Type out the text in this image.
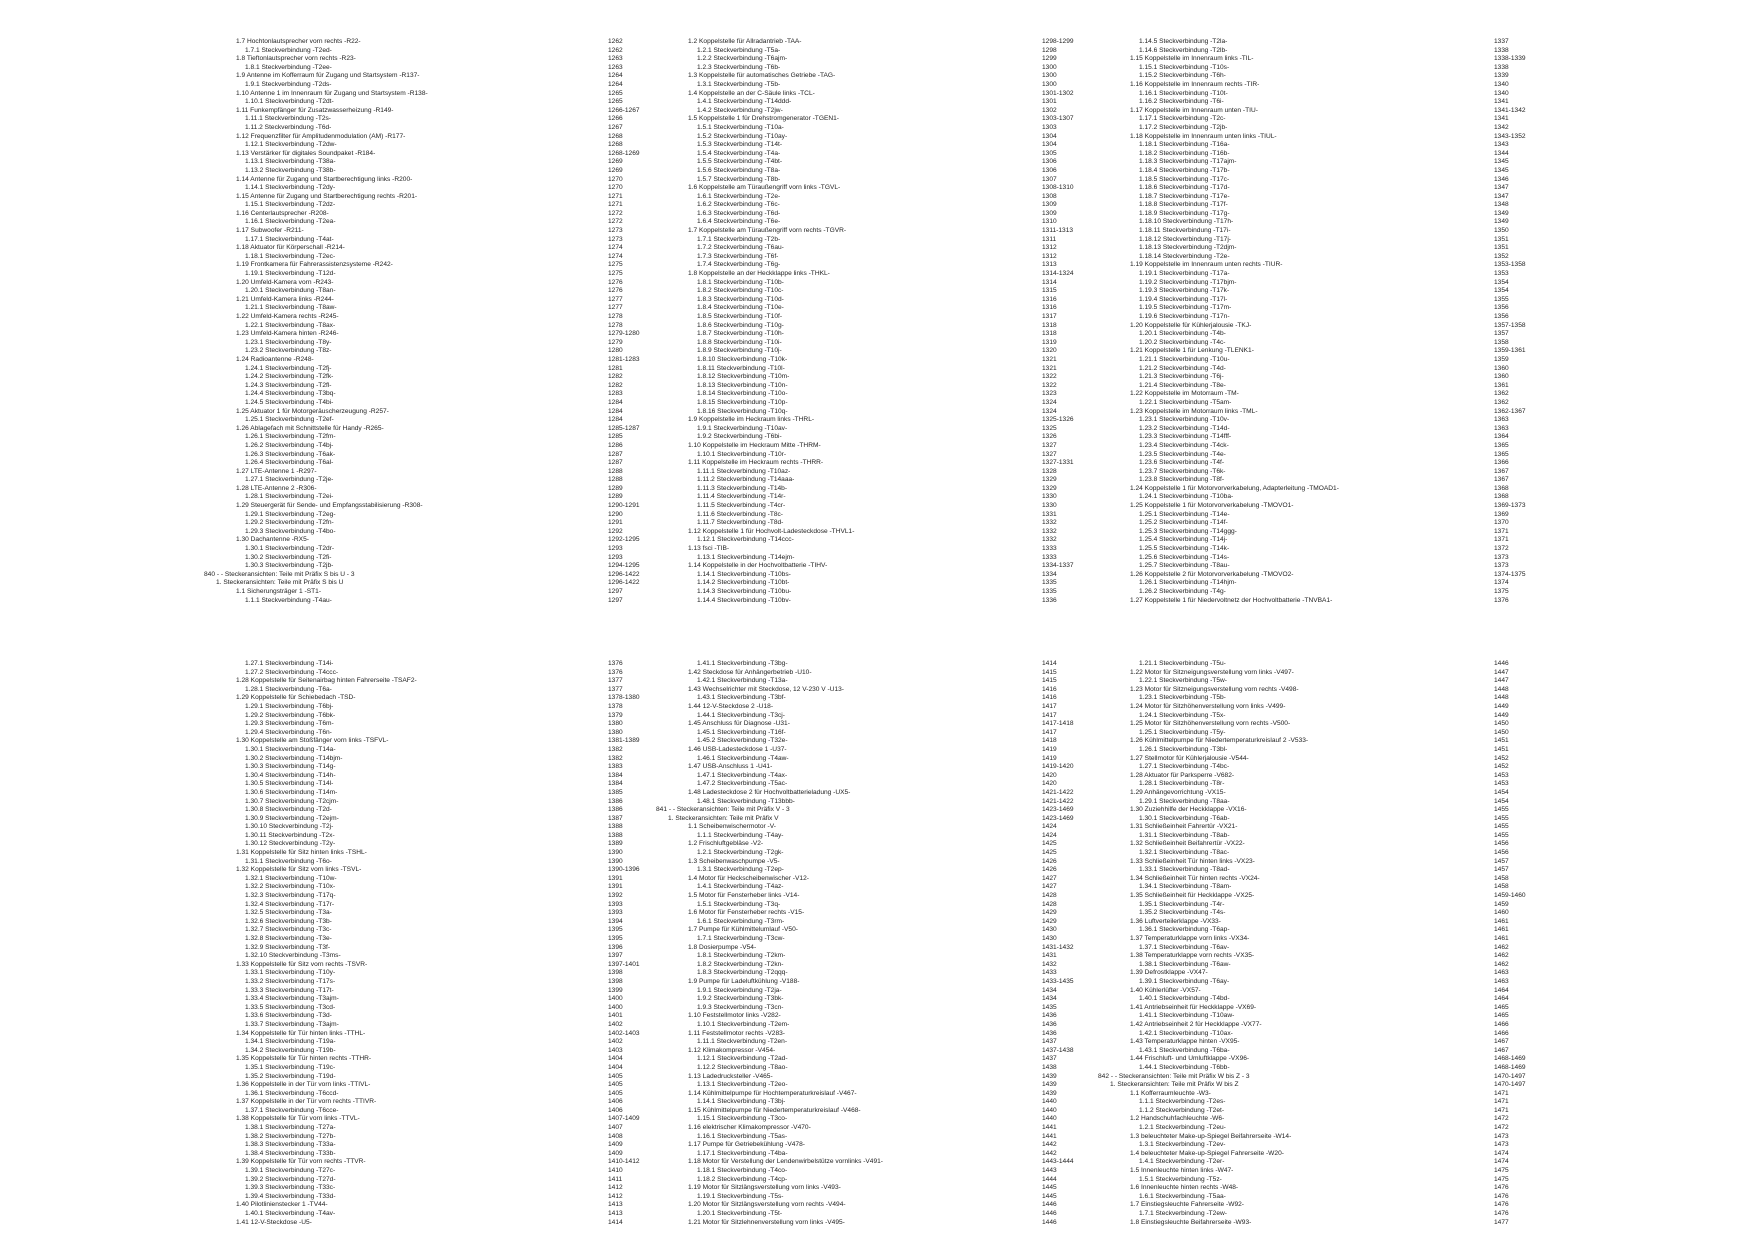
1.7 Hochtonlautsprecher vorn rechts -R22-	1262
1.7.1 Steckverbindung -T2ed-	1262
1.8 Tieftonlautsprecher vorn rechts -R23-	1263
1.8.1 Steckverbindung -T2ee-	1263
1.9 Antenne im Kofferraum für Zugang und Startsystem -R137-	1264
1.9.1 Steckverbindung -T2ds-	1264
1.10 Antenne 1 im Innenraum für Zugang und Startsystem -R138-	1265
1.10.1 Steckverbindung -T2dt-	1265
1.11 Funkempfänger für Zusatzwasserheizung -R149-	1266-1267
1.11.1 Steckverbindung -T2s-	1266
1.11.2 Steckverbindung -T6d-	1267
1.12 Frequenzfilter für Amplitudenmodulation (AM) -R177-	1268
1.12.1 Steckverbindung -T2dw-	1268
1.13 Verstärker für digitales Soundpaket -R184-	1268-1269
1.13.1 Steckverbindung -T38a-	1269
1.13.2 Steckverbindung -T38b-	1269
1.14 Antenne für Zugang und Startberechtigung links -R200-	1270
1.14.1 Steckverbindung -T2dy-	1270
1.15 Antenne für Zugang und Startberechtigung rechts -R201-	1271
1.15.1 Steckverbindung -T2dz-	1271
1.16 Centerlautsprecher -R208-	1272
1.16.1 Steckverbindung -T2ea-	1272
1.17 Subwoofer -R211-	1273
1.17.1 Steckverbindung -T4at-	1273
1.18 Aktuator für Körperschall -R214-	1274
1.18.1 Steckverbindung -T2ec-	1274
1.19 Frontkamera für Fahrerassistenzsysteme -R242-	1275
1.19.1 Steckverbindung -T12d-	1275
1.20 Umfeld-Kamera vorn -R243-	1276
1.20.1 Steckverbindung -T8an-	1276
1.21 Umfeld-Kamera links -R244-	1277
1.21.1 Steckverbindung -T8aw-	1277
1.22 Umfeld-Kamera rechts -R245-	1278
1.22.1 Steckverbindung -T8ax-	1278
1.23 Umfeld-Kamera hinten -R246-	1279-1280
1.23.1 Steckverbindung -T8y-	1279
1.23.2 Steckverbindung -T8z-	1280
1.24 Radioantenne -R248-	1281-1283
1.24.1 Steckverbindung -T2fj-	1281
1.24.2 Steckverbindung -T2fk-	1282
1.24.3 Steckverbindung -T2fl-	1282
1.24.4 Steckverbindung -T3bq-	1283
1.24.5 Steckverbindung -T4bi-	1284
1.25 Aktuator 1 für Motorgeräuscherzeugung -R257-	1284
1.25.1 Steckverbindung -T2ef-	1284
1.26 Ablagefach mit Schnittstelle für Handy -R265-	1285-1287
1.26.1 Steckverbindung -T2fm-	1285
1.26.2 Steckverbindung -T4bj-	1286
1.26.3 Steckverbindung -T6ak-	1287
1.26.4 Steckverbindung -T6al-	1287
1.27 LTE-Antenne 1 -R297-	1288
1.27.1 Steckverbindung -T2je-	1288
1.28 LTE-Antenne 2 -R306-	1289
1.28.1 Steckverbindung -T2ei-	1289
1.29 Steuergerät für Sende- und Empfangsstabilisierung -R308-	1290-1291
1.29.1 Steckverbindung -T2eg-	1290
1.29.2 Steckverbindung -T2fn-	1291
1.29.3 Steckverbindung -T4bo-	1292
1.30 Dachantenne -RX5-	1292-1295
1.30.1 Steckverbindung -T2dr-	1293
1.30.2 Steckverbindung -T2fi-	1293
1.30.3 Steckverbindung -T2jb-	1294-1295
840 - - Steckeransichten: Teile mit Präfix S bis U - 3	1296-1422
1. Steckeransichten: Teile mit Präfix S bis U	1296-1422
1.1 Sicherungsträger 1 -ST1-	1297
1.1.1 Steckverbindung -T4au-	1297
1.2 Koppelstelle für Allradantrieb -TAA-	1298-1299
1.2.1 Steckverbindung -T5a-	1298
1.2.2 Steckverbindung -T6ajm-	1299
1.2.3 Steckverbindung -T6b-	1300
1.3 Koppelstelle für automatisches Getriebe -TAG-	1300
1.3.1 Steckverbindung -T5b-	1300
1.4 Koppelstelle an der C-Säule links -TCL-	1301-1302
1.4.1 Steckverbindung -T14ddd-	1301
1.4.2 Steckverbindung -T2jw-	1302
1.5 Koppelstelle 1 für Drehstromgenerator -TGEN1-	1303-1307
1.5.1 Steckverbindung -T10a-	1303
1.5.2 Steckverbindung -T10ay-	1304
1.5.3 Steckverbindung -T14t-	1304
1.5.4 Steckverbindung -T4a-	1305
1.5.5 Steckverbindung -T4bt-	1306
1.5.6 Steckverbindung -T8a-	1306
1.5.7 Steckverbindung -T8b-	1307
1.6 Koppelstelle am Türaußengriff vorn links -TGVL-	1308-1310
1.6.1 Steckverbindung -T2e-	1308
1.6.2 Steckverbindung -T6c-	1309
1.6.3 Steckverbindung -T6d-	1309
1.6.4 Steckverbindung -T6e-	1310
1.7 Koppelstelle am Türaußengriff vorn rechts -TGVR-	1311-1313
1.7.1 Steckverbindung -T2b-	1311
1.7.2 Steckverbindung -T6au-	1312
1.7.3 Steckverbindung -T6f-	1312
1.7.4 Steckverbindung -T6g-	1313
1.8 Koppelstelle an der Heckklappe links -THKL-	1314-1324
1.8.1 Steckverbindung -T10b-	1314
1.8.2 Steckverbindung -T10c-	1315
1.8.3 Steckverbindung -T10d-	1316
1.8.4 Steckverbindung -T10e-	1316
1.8.5 Steckverbindung -T10f-	1317
1.8.6 Steckverbindung -T10g-	1318
1.8.7 Steckverbindung -T10h-	1318
1.8.8 Steckverbindung -T10i-	1319
1.8.9 Steckverbindung -T10j-	1320
1.8.10 Steckverbindung -T10k-	1321
1.8.11 Steckverbindung -T10l-	1321
1.8.12 Steckverbindung -T10m-	1322
1.8.13 Steckverbindung -T10n-	1322
1.8.14 Steckverbindung -T10o-	1323
1.8.15 Steckverbindung -T10p-	1324
1.8.16 Steckverbindung -T10q-	1324
1.9 Koppelstelle im Heckraum links -THRL-	1325-1326
1.9.1 Steckverbindung -T10av-	1325
1.9.2 Steckverbindung -T6bi-	1326
1.10 Koppelstelle im Heckraum Mitte -THRM-	1327
1.10.1 Steckverbindung -T10r-	1327
1.11 Koppelstelle im Heckraum rechts -THRR-	1327-1331
1.11.1 Steckverbindung -T10az-	1328
1.11.2 Steckverbindung -T14aaa-	1329
1.11.3 Steckverbindung -T14b-	1329
1.11.4 Steckverbindung -T14r-	1330
1.11.5 Steckverbindung -T4cr-	1330
1.11.6 Steckverbindung -T8c-	1331
1.11.7 Steckverbindung -T8d-	1332
1.12 Koppelstelle 1 für Hochvolt-Ladesteckdose -THVL1-	1332
1.12.1 Steckverbindung -T14ccc-	1332
1.13 fsci -TIB-	1333
1.13.1 Steckverbindung -T14ejm-	1333
1.14 Koppelstelle in der Hochvoltbatterie -TIHV-	1334-1337
1.14.1 Steckverbindung -T10bs-	1334
1.14.2 Steckverbindung -T10bt-	1335
1.14.3 Steckverbindung -T10bu-	1335
1.14.4 Steckverbindung -T10bv-	1336
1.14.5 Steckverbindung -T2la-	1337
1.14.6 Steckverbindung -T2lb-	1338
1.15 Koppelstelle im Innenraum links -TIL-	1338-1339
1.15.1 Steckverbindung -T10s-	1338
1.15.2 Steckverbindung -T6h-	1339
1.16 Koppelstelle im Innenraum rechts -TIR-	1340
1.16.1 Steckverbindung -T10t-	1340
1.16.2 Steckverbindung -T6i-	1341
1.17 Koppelstelle im Innenraum unten -TIU-	1341-1342
1.17.1 Steckverbindung -T2c-	1341
1.17.2 Steckverbindung -T2jb-	1342
1.18 Koppelstelle im Innenraum unten links -TIUL-	1343-1352
1.18.1 Steckverbindung -T16a-	1343
1.18.2 Steckverbindung -T16b-	1344
1.18.3 Steckverbindung -T17ajm-	1345
1.18.4 Steckverbindung -T17b-	1345
1.18.5 Steckverbindung -T17c-	1346
1.18.6 Steckverbindung -T17d-	1347
1.18.7 Steckverbindung -T17e-	1347
1.18.8 Steckverbindung -T17f-	1348
1.18.9 Steckverbindung -T17g-	1349
1.18.10 Steckverbindung -T17h-	1349
1.18.11 Steckverbindung -T17i-	1350
1.18.12 Steckverbindung -T17j-	1351
1.18.13 Steckverbindung -T2djm-	1351
1.18.14 Steckverbindung -T2e-	1352
1.19 Koppelstelle im Innenraum unten rechts -TIUR-	1353-1358
1.19.1 Steckverbindung -T17a-	1353
1.19.2 Steckverbindung -T17bjm-	1354
1.19.3 Steckverbindung -T17k-	1354
1.19.4 Steckverbindung -T17l-	1355
1.19.5 Steckverbindung -T17m-	1356
1.19.6 Steckverbindung -T17n-	1356
1.20 Koppelstelle für Kühlerjalousie -TKJ-	1357-1358
1.20.1 Steckverbindung -T4b-	1357
1.20.2 Steckverbindung -T4c-	1358
1.21 Koppelstelle 1 für Lenkung -TLENK1-	1359-1361
1.21.1 Steckverbindung -T10u-	1359
1.21.2 Steckverbindung -T4d-	1360
1.21.3 Steckverbindung -T6j-	1360
1.21.4 Steckverbindung -T8e-	1361
1.22 Koppelstelle im Motorraum -TM-	1362
1.22.1 Steckverbindung -T5am-	1362
1.23 Koppelstelle im Motorraum links -TML-	1362-1367
1.23.1 Steckverbindung -T10v-	1363
1.23.2 Steckverbindung -T14d-	1363
1.23.3 Steckverbindung -T14fff-	1364
1.23.4 Steckverbindung -T4ck-	1365
1.23.5 Steckverbindung -T4e-	1365
1.23.6 Steckverbindung -T4f-	1366
1.23.7 Steckverbindung -T6k-	1367
1.23.8 Steckverbindung -T8f-	1367
1.24 Koppelstelle 1 für Motorvorverkabelung, Adapterleitung -TMOAD1-	1368
1.24.1 Steckverbindung -T10ba-	1368
1.25 Koppelstelle 1 für Motorvorverkabelung -TMOVO1-	1369-1373
1.25.1 Steckverbindung -T14e-	1369
1.25.2 Steckverbindung -T14f-	1370
1.25.3 Steckverbindung -T14ggg-	1371
1.25.4 Steckverbindung -T14j-	1371
1.25.5 Steckverbindung -T14k-	1372
1.25.6 Steckverbindung -T14s-	1373
1.25.7 Steckverbindung -T8au-	1373
1.26 Koppelstelle 2 für Motorvorverkabelung -TMOVO2-	1374-1375
1.26.1 Steckverbindung -T14hjm-	1374
1.26.2 Steckverbindung -T4g-	1375
1.27 Koppelstelle 1 für Niedervoltnetz der Hochvoltbatterie -TNVBA1-	1376
1.27.1 Steckverbindung -T14i-	1376
1.27.2 Steckverbindung -T4ccc-	1376
1.28 Koppelstelle für Seitenairbag hinten Fahrerseite -TSAF2-	1377
1.28.1 Steckverbindung -T6a-	1377
1.29 Koppelstelle für Schiebedach -TSD-	1378-1380
1.29.1 Steckverbindung -T6bj-	1378
1.29.2 Steckverbindung -T6bk-	1379
1.29.3 Steckverbindung -T6m-	1380
1.29.4 Steckverbindung -T6n-	1380
1.30 Koppelstelle am Stoßfänger vorn links -TSFVL-	1381-1389
1.30.1 Steckverbindung -T14a-	1382
1.30.2 Steckverbindung -T14bjm-	1382
1.30.3 Steckverbindung -T14g-	1383
1.30.4 Steckverbindung -T14h-	1384
1.30.5 Steckverbindung -T14l-	1384
1.30.6 Steckverbindung -T14m-	1385
1.30.7 Steckverbindung -T2cjm-	1386
1.30.8 Steckverbindung -T2d-	1386
1.30.9 Steckverbindung -T2ejm-	1387
1.30.10 Steckverbindung -T2j-	1388
1.30.11 Steckverbindung -T2x-	1388
1.30.12 Steckverbindung -T2y-	1389
1.31 Koppelstelle für Sitz hinten links -TSHL-	1390
1.31.1 Steckverbindung -T6o-	1390
1.32 Koppelstelle für Sitz vorn links -TSVL-	1390-1396
1.32.1 Steckverbindung -T10w-	1391
1.32.2 Steckverbindung -T10x-	1391
1.32.3 Steckverbindung -T17q-	1392
1.32.4 Steckverbindung -T17r-	1393
1.32.5 Steckverbindung -T3a-	1393
1.32.6 Steckverbindung -T3b-	1394
1.32.7 Steckverbindung -T3c-	1395
1.32.8 Steckverbindung -T3e-	1395
1.32.9 Steckverbindung -T3f-	1396
1.32.10 Steckverbindung -T3ms-	1397
1.33 Koppelstelle für Sitz vorn rechts -TSVR-	1397-1401
1.33.1 Steckverbindung -T10y-	1398
1.33.2 Steckverbindung -T17s-	1398
1.33.3 Steckverbindung -T17t-	1399
1.33.4 Steckverbindung -T3ajm-	1400
1.33.5 Steckverbindung -T3cd-	1400
1.33.6 Steckverbindung -T3d-	1401
1.33.7 Steckverbindung -T3ajm-	1402
1.34 Koppelstelle für Tür hinten links -TTHL-	1402-1403
1.34.1 Steckverbindung -T19a-	1402
1.34.2 Steckverbindung -T19b-	1403
1.35 Koppelstelle für Tür hinten rechts -TTHR-	1404
1.35.1 Steckverbindung -T19c-	1404
1.35.2 Steckverbindung -T19d-	1405
1.36 Koppelstelle in der Tür vorn links -TTIVL-	1405
1.36.1 Steckverbindung -T6ccd-	1405
1.37 Koppelstelle in der Tür vorn rechts -TTIVR-	1406
1.37.1 Steckverbindung -T6cce-	1406
1.38 Koppelstelle für Tür vorn links -TTVL-	1407-1409
1.38.1 Steckverbindung -T27a-	1407
1.38.2 Steckverbindung -T27b-	1408
1.38.3 Steckverbindung -T33a-	1409
1.38.4 Steckverbindung -T33b-	1409
1.39 Koppelstelle für Tür vorn rechts -TTVR-	1410-1412
1.39.1 Steckverbindung -T27c-	1410
1.39.2 Steckverbindung -T27d-	1411
1.39.3 Steckverbindung -T33c-	1412
1.39.4 Steckverbindung -T33d-	1412
1.40 Pilotlinienstecker 1 -TV44-	1413
1.40.1 Steckverbindung -T4av-	1413
1.41 12-V-Steckdose -U5-	1414
1.41.1 Steckverbindung -T3bg-	1414
1.42 Steckdose für Anhängerbetrieb -U10-	1415
1.42.1 Steckverbindung -T13a-	1415
1.43 Wechselrichter mit Steckdose, 12 V-230 V -U13-	1416
1.43.1 Steckverbindung -T3bf-	1416
1.44 12-V-Steckdose 2 -U18-	1417
1.44.1 Steckverbindung -T3cj-	1417
1.45 Anschluss für Diagnose -U31-	1417-1418
1.45.1 Steckverbindung -T16f-	1417
1.45.2 Steckverbindung -T32e-	1418
1.46 USB-Ladesteckdose 1 -U37-	1419
1.46.1 Steckverbindung -T4aw-	1419
1.47 USB-Anschluss 1 -U41-	1419-1420
1.47.1 Steckverbindung -T4ax-	1420
1.47.2 Steckverbindung -T5ac-	1420
1.48 Ladesteckdose 2 für Hochvoltbatterieladung -UX5-	1421-1422
1.48.1 Steckverbindung -T13bbb-	1421-1422
841 - - Steckeransichten: Teile mit Präfix V - 3	1423-1469
1. Steckeransichten: Teile mit Präfix V	1423-1469
1.1 Scheibenwischermotor -V-	1424
1.1.1 Steckverbindung -T4ay-	1424
1.2 Frischluftgebläse -V2-	1425
1.2.1 Steckverbindung -T2gk-	1425
1.3 Scheibenwaschpumpe -V5-	1426
1.3.1 Steckverbindung -T2ep-	1426
1.4 Motor für Heckscheibenwischer -V12-	1427
1.4.1 Steckverbindung -T4az-	1427
1.5 Motor für Fensterheber links -V14-	1428
1.5.1 Steckverbindung -T3q-	1428
1.6 Motor für Fensterheber rechts -V15-	1429
1.6.1 Steckverbindung -T3rm-	1429
1.7 Pumpe für Kühlmittelumlauf -V50-	1430
1.7.1 Steckverbindung -T3cw-	1430
1.8 Dosierpumpe -V54-	1431-1432
1.8.1 Steckverbindung -T2km-	1431
1.8.2 Steckverbindung -T2kn-	1432
1.8.3 Steckverbindung -T2qqq-	1433
1.9 Pumpe für Ladeluftkühlung -V188-	1433-1435
1.9.1 Steckverbindung -T2ja-	1434
1.9.2 Steckverbindung -T3bk-	1434
1.9.3 Steckverbindung -T3cn-	1435
1.10 Feststellmotor links -V282-	1436
1.10.1 Steckverbindung -T2em-	1436
1.11 Feststellmotor rechts -V283-	1436
1.11.1 Steckverbindung -T2en-	1437
1.12 Klimakompressor -V454-	1437-1438
1.12.1 Steckverbindung -T2ad-	1437
1.12.2 Steckverbindung -T8ao-	1438
1.13 Ladedrucksteller -V465-	1439
1.13.1 Steckverbindung -T2eo-	1439
1.14 Kühlmittelpumpe für Hochtemperaturkreislauf -V467-	1439
1.14.1 Steckverbindung -T3bj-	1440
1.15 Kühlmittelpumpe für Niedertemperaturkreislauf -V468-	1440
1.15.1 Steckverbindung -T3co-	1440
1.16 elektrischer Klimakompressor -V470-	1441
1.16.1 Steckverbindung -T5as-	1441
1.17 Pumpe für Getriebekühlung -V478-	1442
1.17.1 Steckverbindung -T4ba-	1442
1.18 Motor für Verstellung der Lendenwirbelstütze vornlinks -V491-	1443-1444
1.18.1 Steckverbindung -T4co-	1443
1.18.2 Steckverbindung -T4cp-	1444
1.19 Motor für Sitzlängsverstellung vorn links -V493-	1445
1.19.1 Steckverbindung -T5s-	1445
1.20 Motor für Sitzlängsverstellung vorn rechts -V494-	1446
1.20.1 Steckverbindung -T5t-	1446
1.21 Motor für Sitzlehnenverstellung vorn links -V495-	1446
1.21.1 Steckverbindung -T5u-	1446
1.22 Motor für Sitzneigungsverstellung vorn links -V497-	1447
1.22.1 Steckverbindung -T5w-	1447
1.23 Motor für Sitzneigungsverstellung vorn rechts -V498-	1448
1.23.1 Steckverbindung -T5b-	1448
1.24 Motor für Sitzhöhenverstellung vorn links -V499-	1449
1.24.1 Steckverbindung -T5x-	1449
1.25 Motor für Sitzhöhenverstellung vorn rechts -V500-	1450
1.25.1 Steckverbindung -T5y-	1450
1.26 Kühlmittelpumpe für Niedertemperaturkreislauf 2 -V533-	1451
1.26.1 Steckverbindung -T3bl-	1451
1.27 Stellmotor für Kühlerjalousie -V544-	1452
1.27.1 Steckverbindung -T4bc-	1452
1.28 Aktuator für Parksperre -V682-	1453
1.28.1 Steckverbindung -T8r-	1453
1.29 Anhängevorrichtung -VX15-	1454
1.29.1 Steckverbindung -T8aa-	1454
1.30 Zuziehhilfe der Heckklappe -VX16-	1455
1.30.1 Steckverbindung -T6ab-	1455
1.31 Schließeinheit Fahrertür -VX21-	1455
1.31.1 Steckverbindung -T8ab-	1455
1.32 Schließeinheit Beifahrertür -VX22-	1456
1.32.1 Steckverbindung -T8ac-	1456
1.33 Schließeinheit Tür hinten links -VX23-	1457
1.33.1 Steckverbindung -T8ad-	1457
1.34 Schließeinheit Tür hinten rechts -VX24-	1458
1.34.1 Steckverbindung -T8am-	1458
1.35 Schließeinheit für Heckklappe -VX25-	1459-1460
1.35.1 Steckverbindung -T4r-	1459
1.35.2 Steckverbindung -T4s-	1460
1.36 Luftverteilerklappe -VX33-	1461
1.36.1 Steckverbindung -T6ap-	1461
1.37 Temperaturklappe vorn links -VX34-	1461
1.37.1 Steckverbindung -T6av-	1462
1.38 Temperaturklappe vorn rechts -VX35-	1462
1.38.1 Steckverbindung -T6aw-	1462
1.39 Defrostklappe -VX47-	1463
1.39.1 Steckverbindung -T6ay-	1463
1.40 Kühlerlüfter -VX57-	1464
1.40.1 Steckverbindung -T4bd-	1464
1.41 Antriebseinheit für Heckklappe -VX69-	1465
1.41.1 Steckverbindung -T10aw-	1465
1.42 Antriebseinheit 2 für Heckklappe -VX77-	1466
1.42.1 Steckverbindung -T10ax-	1466
1.43 Temperaturklappe hinten -VX95-	1467
1.43.1 Steckverbindung -T6ba-	1467
1.44 Frischluft- und Umluftklappe -VX96-	1468-1469
1.44.1 Steckverbindung -T6bb-	1468-1469
842 - - Steckeransichten: Teile mit Präfix W bis Z - 3	1470-1497
1. Steckeransichten: Teile mit Präfix W bis Z	1470-1497
1.1 Kofferraumleuchte -W3-	1471
1.1.1 Steckverbindung -T2es-	1471
1.1.2 Steckverbindung -T2et-	1471
1.2 Handschuhfachleuchte -W6-	1472
1.2.1 Steckverbindung -T2eu-	1472
1.3 beleuchteter Make-up-Spiegel Beifahrerseite -W14-	1473
1.3.1 Steckverbindung -T2ev-	1473
1.4 beleuchteter Make-up-Spiegel Fahrerseite -W20-	1474
1.4.1 Steckverbindung -T2er-	1474
1.5 Innenleuchte hinten links -W47-	1475
1.5.1 Steckverbindung -T5z-	1475
1.6 Innenleuchte hinten rechts -W48-	1476
1.6.1 Steckverbindung -T5aa-	1476
1.7 Einstiegsleuchte Fahrerseite -W92-	1476
1.7.1 Steckverbindung -T2ew-	1476
1.8 Einstiegsleuchte Beifahrerseite -W93-	1477
